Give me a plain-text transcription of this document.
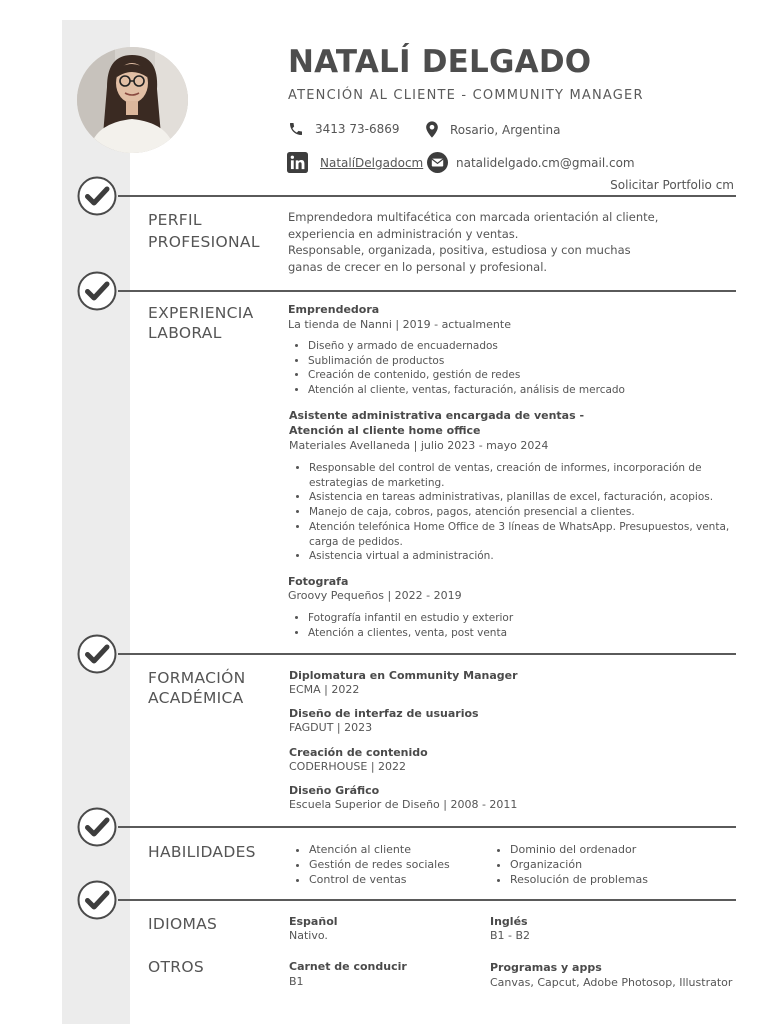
NATALÍ DELGADO
ATENCIÓN AL CLIENTE - COMMUNITY MANAGER
3413 73-6869	Rosario, Argentina
NatalíDelgadocm	natalidelgado.cm@gmail.com
Solicitar Portfolio cm
PERFIL
PROFESIONAL
Emprendedora multifacética con marcada orientación al cliente,
experiencia en administración y ventas.
Responsable, organizada, positiva, estudiosa y con muchas
ganas de crecer en lo personal y profesional.
EXPERIENCIA
LABORAL
Emprendedora
La tienda de Nanni | 2019 - actualmente
• Diseño y armado de encuadernados
• Sublimación de productos
• Creación de contenido, gestión de redes
• Atención al cliente, ventas, facturación, análisis de mercado
Asistente administrativa encargada de ventas -
Atención al cliente home office
Materiales Avellaneda | julio 2023 - mayo 2024
• Responsable del control de ventas, creación de informes, incorporación de estrategias de marketing.
• Asistencia en tareas administrativas, planillas de excel, facturación, acopios.
• Manejo de caja, cobros, pagos, atención presencial a clientes.
• Atención telefónica Home Office de 3 líneas de WhatsApp. Presupuestos, venta, carga de pedidos.
• Asistencia virtual a administración.
Fotografa
Groovy Pequeños | 2022 - 2019
• Fotografía infantil en estudio y exterior
• Atención a clientes, venta, post venta
FORMACIÓN
ACADÉMICA
Diplomatura en Community Manager
ECMA | 2022
Diseño de interfaz de usuarios
FAGDUT | 2023
Creación de contenido
CODERHOUSE | 2022
Diseño Gráfico
Escuela Superior de Diseño | 2008 - 2011
HABILIDADES
•	Atención al cliente
• Gestión de redes sociales
• Control de ventas
• Dominio del ordenador
• Organización
• Resolución de problemas
IDIOMAS	Español
Nativo.
Inglés
B1 - B2
OTROS	Carnet de conducir
B1
Programas y apps
Canvas, Capcut, Adobe Photosop, Illustrator
